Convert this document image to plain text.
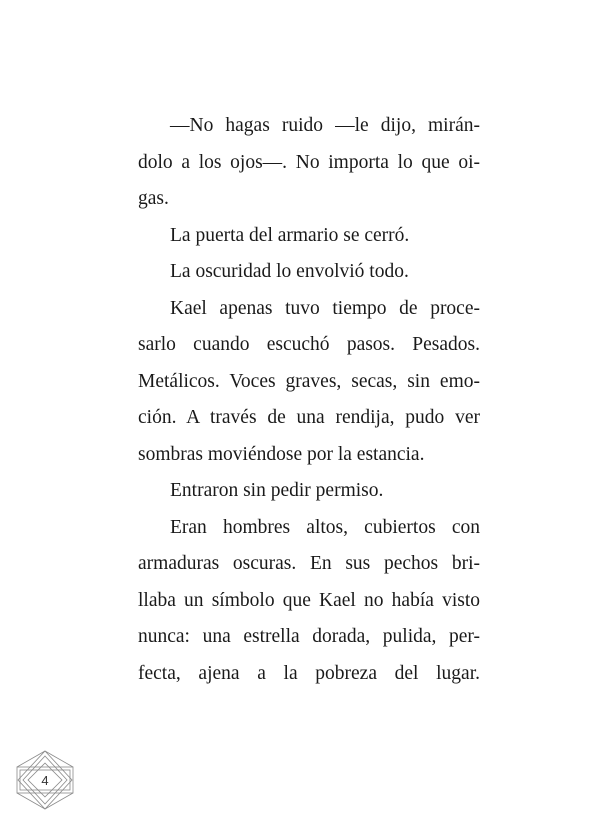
—No hagas ruido —le dijo, mirán-
dolo a los ojos—. No importa lo que oi-
gas.
La puerta del armario se cerró.
La oscuridad lo envolvió todo.
Kael apenas tuvo tiempo de proce-
sarlo cuando escuchó pasos. Pesados.
Metálicos. Voces graves, secas, sin emo-
ción. A través de una rendija, pudo ver
sombras moviéndose por la estancia.
Entraron sin pedir permiso.
Eran hombres altos, cubiertos con
armaduras oscuras. En sus pechos bri-
llaba un símbolo que Kael no había visto
nunca: una estrella dorada, pulida, per-
fecta, ajena a la pobreza del lugar.
4
